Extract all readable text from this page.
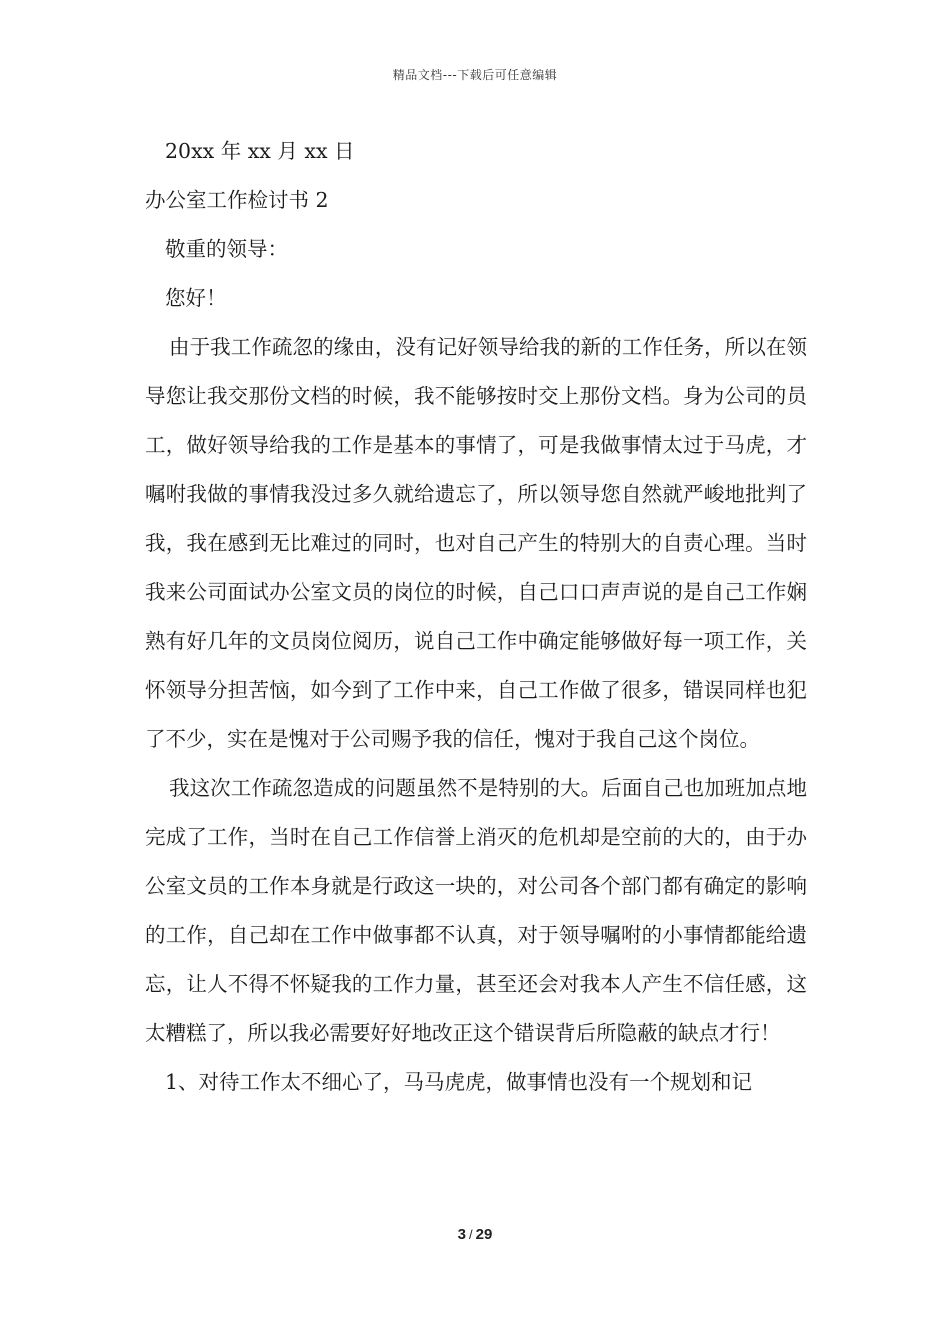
精品文档---下载后可任意编辑
20xx 年 xx 月 xx 日
办公室工作检讨书 2
敬重的领导：
您好！

由于我工作疏忽的缘由，没有记好领导给我的新的工作任务，所以在领导您让我交那份文档的时候，我不能够按时交上那份文档。身为公司的员工，做好领导给我的工作是基本的事情了，可是我做事情太过于马虎，才嘱咐我做的事情我没过多久就给遗忘了，所以领导您自然就严峻地批判了我，我在感到无比难过的同时，也对自己产生的特别大的自责心理。当时我来公司面试办公室文员的岗位的时候，自己口口声声说的是自己工作娴熟有好几年的文员岗位阅历，说自己工作中确定能够做好每一项工作，关怀领导分担苦恼，如今到了工作中来，自己工作做了很多，错误同样也犯了不少，实在是愧对于公司赐予我的信任，愧对于我自己这个岗位。

我这次工作疏忽造成的问题虽然不是特别的大。后面自己也加班加点地完成了工作，当时在自己工作信誉上消灭的危机却是空前的大的，由于办公室文员的工作本身就是行政这一块的，对公司各个部门都有确定的影响的工作，自己却在工作中做事都不认真，对于领导嘱咐的小事情都能给遗忘，让人不得不怀疑我的工作力量，甚至还会对我本人产生不信任感，这太糟糕了，所以我必需要好好地改正这个错误背后所隐蔽的缺点才行！

1、对待工作太不细心了，马马虎虎，做事情也没有一个规划和记
3 / 29
